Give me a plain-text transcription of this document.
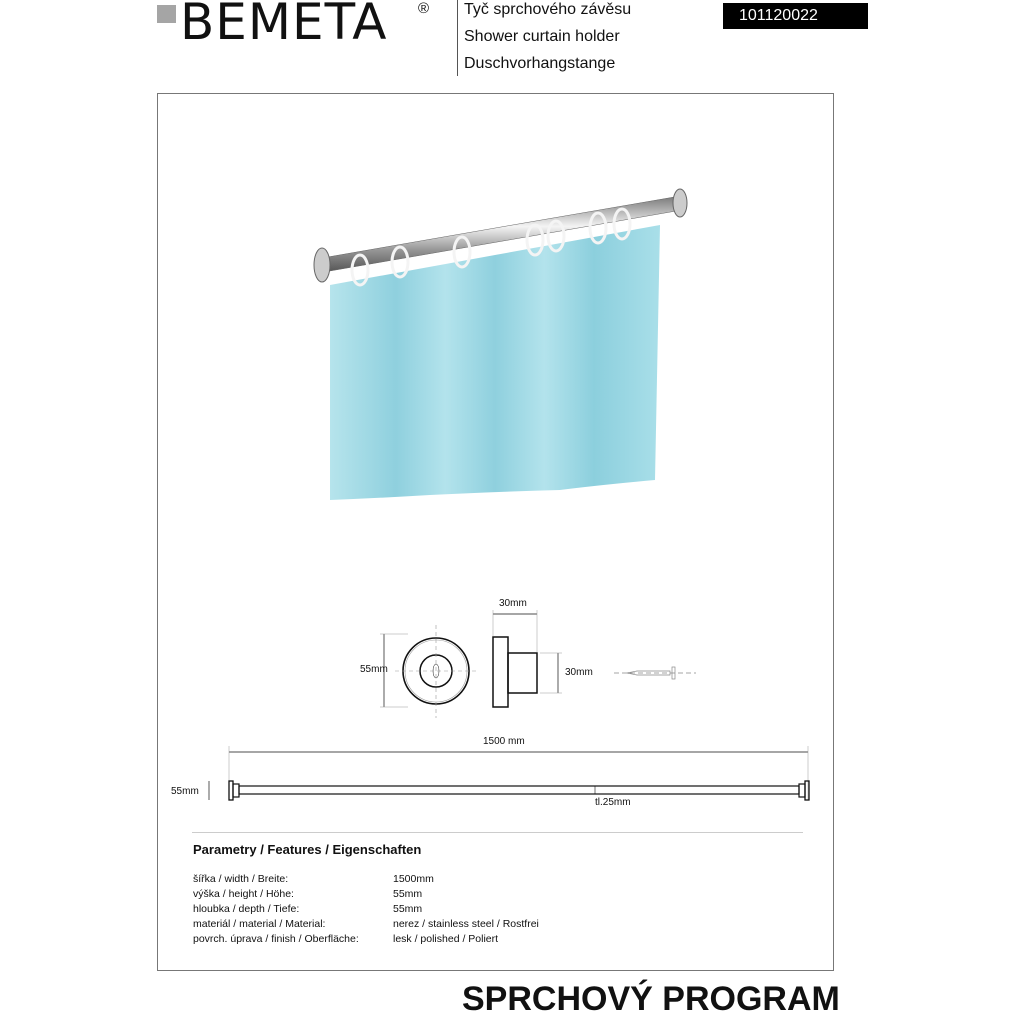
BEMETA ® Tyč sprchového závěsu
Shower curtain holder
Duschvorhangstange
101120022
55mm
30mm
30mm
1500 mm
55mm
tl.25mm
Parametry / Features / Eigenschaften
šířka / width / Breite:	1500mm
výška / height / Höhe:	55mm
hloubka / depth / Tiefe:	55mm
materiál / material / Material:	nerez / stainless steel / Rostfrei
povrch. úprava / finish / Oberfläche:	lesk / polished / Poliert
SPRCHOVÝ PROGRAM
